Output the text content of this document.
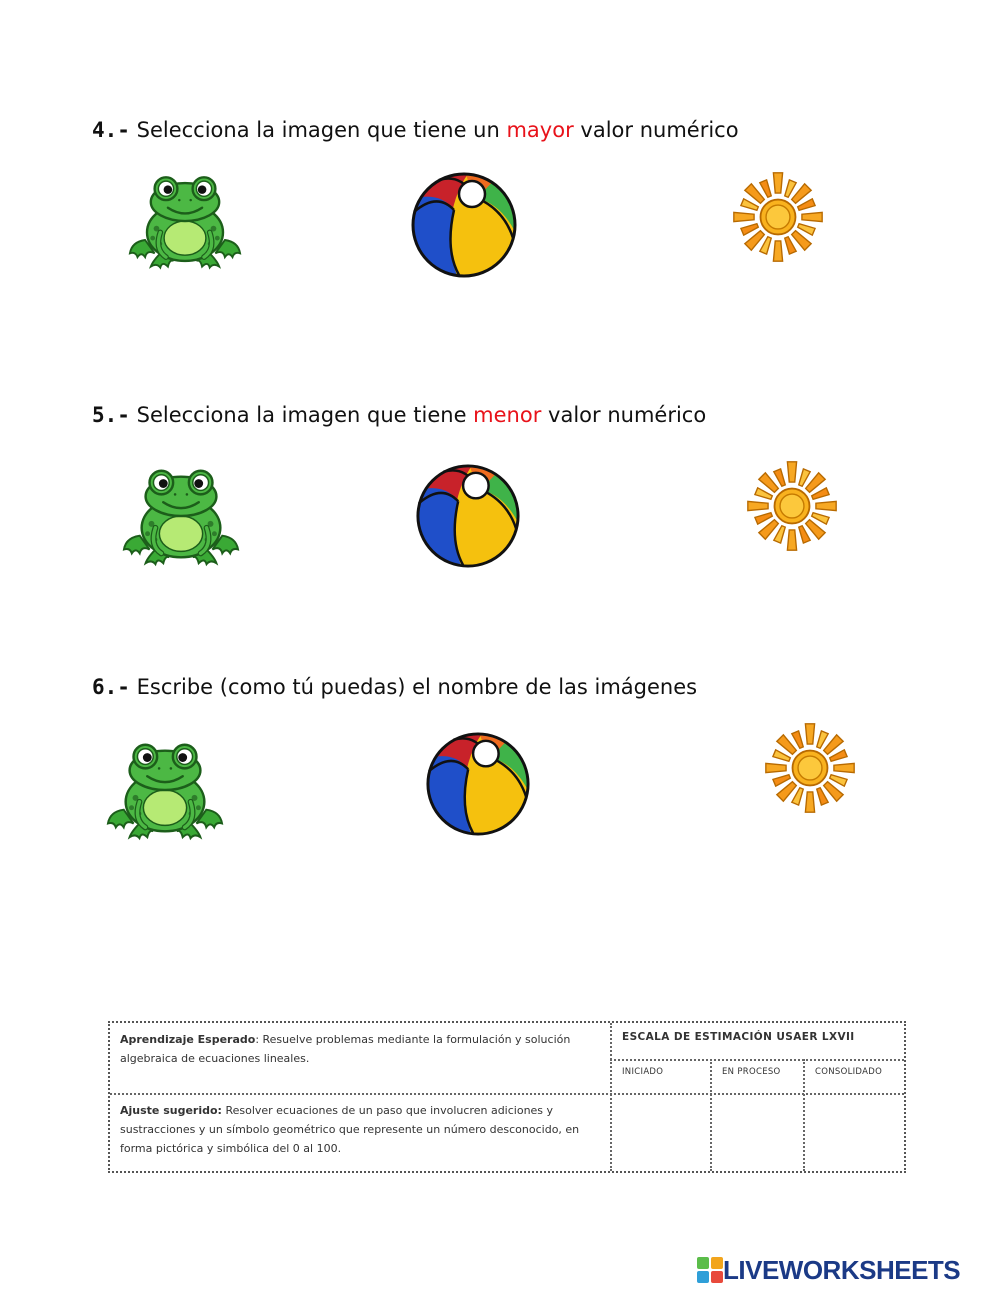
4.- Selecciona la imagen que tiene un mayor valor numérico
5.- Selecciona la imagen que tiene menor valor numérico
6.- Escribe (como tú puedas) el nombre de las imágenes
Aprendizaje Esperado: Resuelve problemas mediante la formulación y solución algebraica de ecuaciones lineales.
Ajuste sugerido: Resolver ecuaciones de un paso que involucren adiciones y sustracciones y un símbolo geométrico que represente un número desconocido, en forma pictórica y simbólica del 0 al 100.
ESCALA DE ESTIMACIÓN USAER LXVII
INICIADO	EN PROCESO	CONSOLIDADO
LIVEWORKSHEETS
